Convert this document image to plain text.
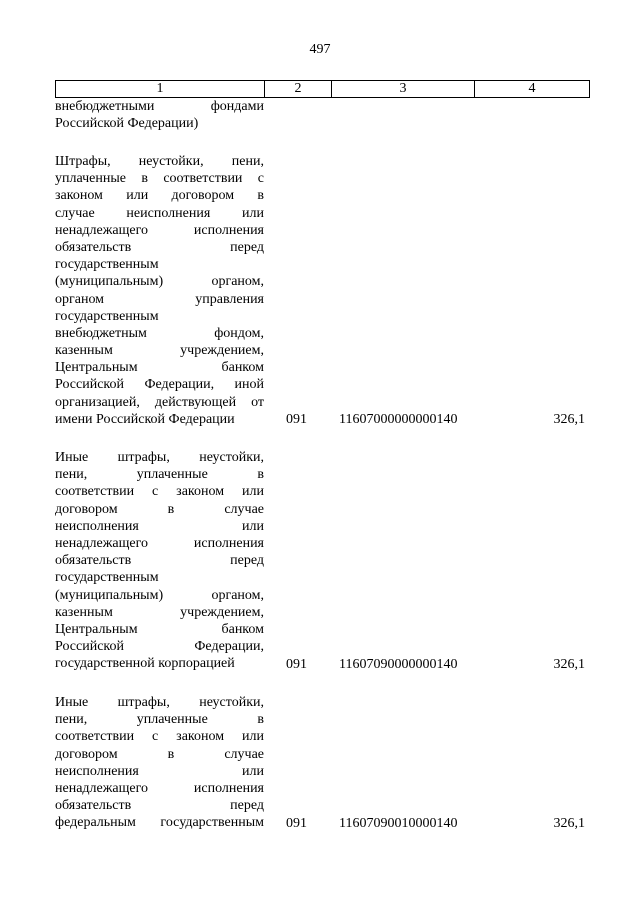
497
1	2	3	4
внебюджетными фондами
Российской Федерации)
Штрафы, неустойки, пени,
уплаченные в соответствии с
законом или договором в
случае неисполнения или
ненадлежащего исполнения
обязательств перед
государственным
(муниципальным) органом,
органом управления
государственным
внебюджетным фондом,
казенным учреждением,
Центральным банком
Российской Федерации, иной
организацией, действующей от
имени Российской Федерации	091 11607000000000140	326,1
Иные штрафы, неустойки,
пени, уплаченные в
соответствии с законом или
договором в случае
неисполнения или
ненадлежащего исполнения
обязательств перед
государственным
(муниципальным) органом,
казенным учреждением,
Центральным банком
Российской Федерации,
государственной корпорацией	091 11607090000000140	326,1
Иные штрафы, неустойки,
пени, уплаченные в
соответствии с законом или
договором в случае
неисполнения или
ненадлежащего исполнения
обязательств перед
федеральным государственным 091 11607090010000140	326,1
